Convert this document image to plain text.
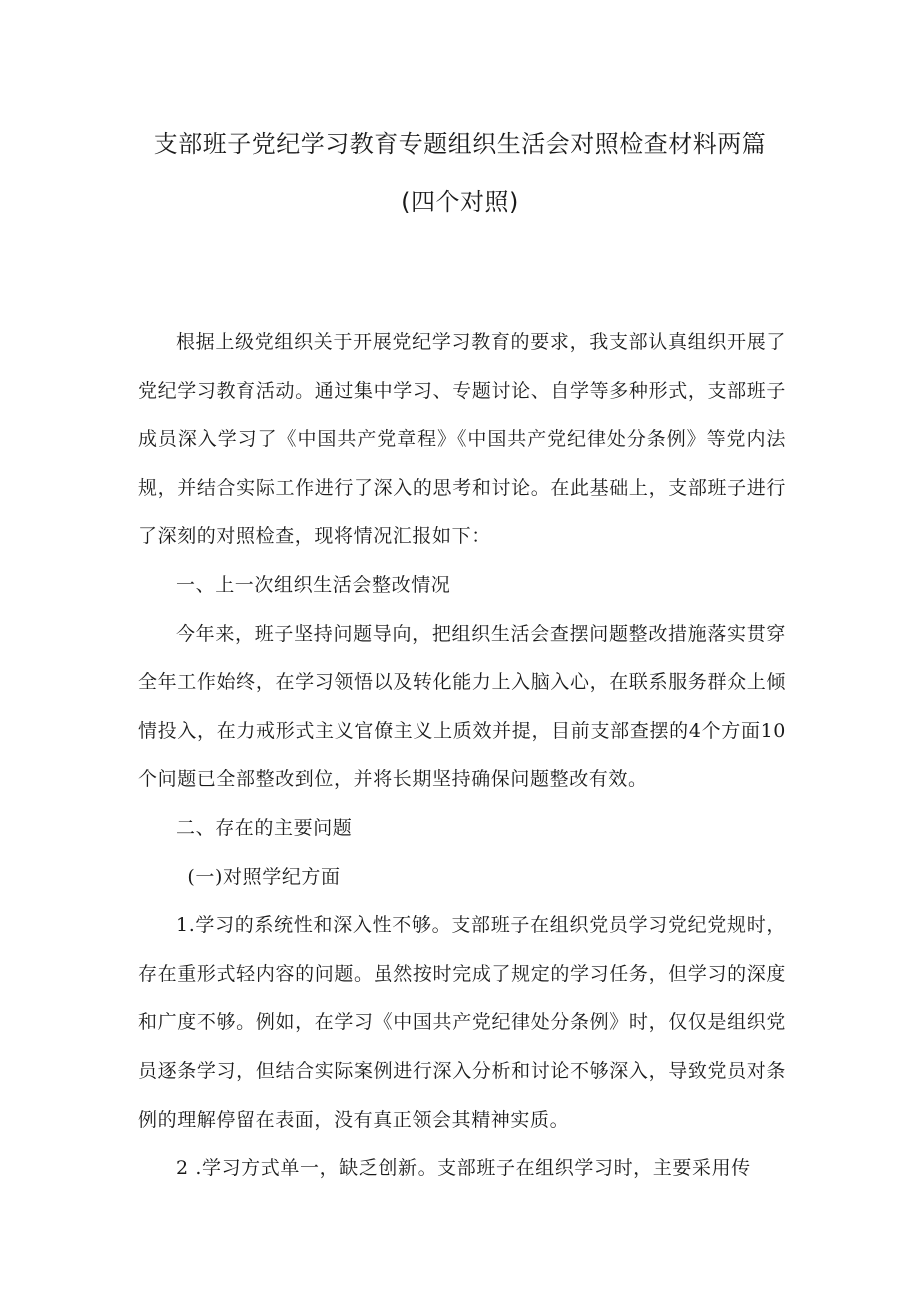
支部班子党纪学习教育专题组织生活会对照检查材料两篇
(四个对照)

根据上级党组织关于开展党纪学习教育的要求，我支部认真组织开展了党纪学习教育活动。通过集中学习、专题讨论、自学等多种形式，支部班子成员深入学习了《中国共产党章程》《中国共产党纪律处分条例》等党内法规，并结合实际工作进行了深入的思考和讨论。在此基础上，支部班子进行了深刻的对照检查，现将情况汇报如下：

一、上一次组织生活会整改情况

今年来，班子坚持问题导向，把组织生活会查摆问题整改措施落实贯穿全年工作始终，在学习领悟以及转化能力上入脑入心，在联系服务群众上倾情投入，在力戒形式主义官僚主义上质效并提，目前支部查摆的4个方面10个问题已全部整改到位，并将长期坚持确保问题整改有效。

二、存在的主要问题

(一)对照学纪方面

1.学习的系统性和深入性不够。支部班子在组织党员学习党纪党规时，存在重形式轻内容的问题。虽然按时完成了规定的学习任务，但学习的深度和广度不够。例如，在学习《中国共产党纪律处分条例》时，仅仅是组织党员逐条学习，但结合实际案例进行深入分析和讨论不够深入，导致党员对条例的理解停留在表面，没有真正领会其精神实质。

2 .学习方式单一，缺乏创新。支部班子在组织学习时，主要采用传
